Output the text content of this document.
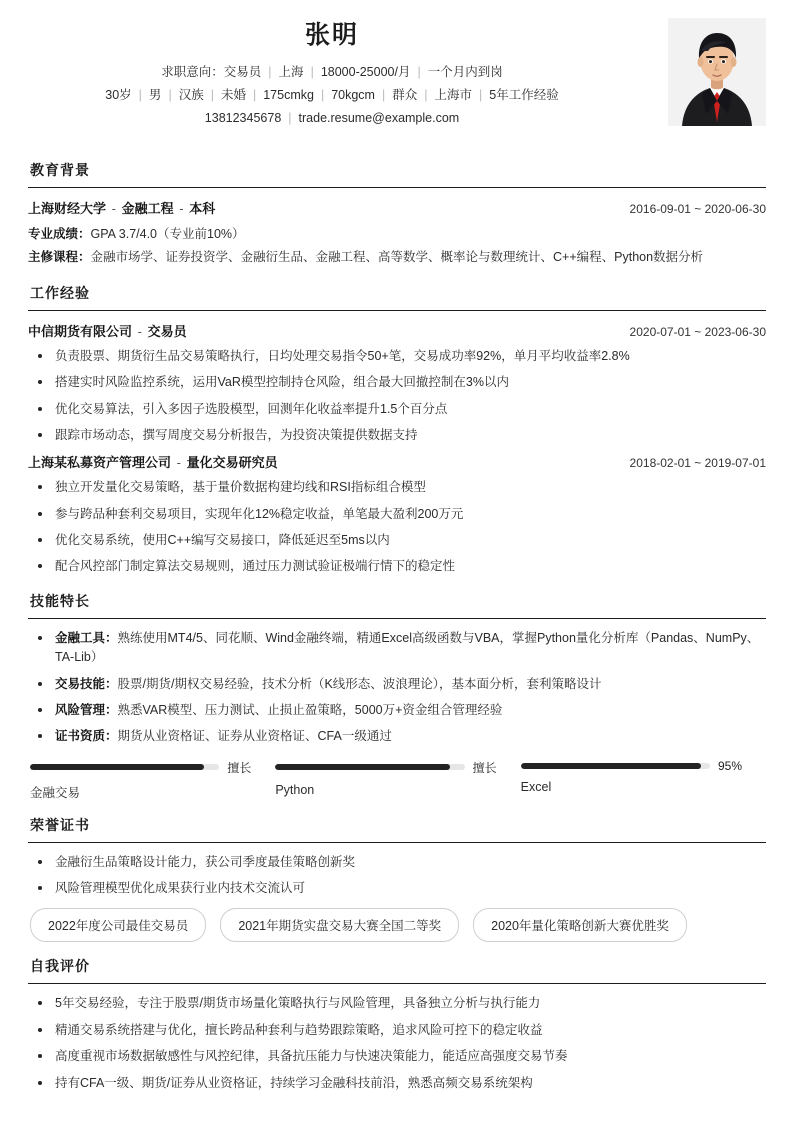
张明
求职意向：交易员 | 上海 | 18000-25000/月 | 一个月内到岗
30岁 | 男 | 汉族 | 未婚 | 175cmkg | 70kgcm | 群众 | 上海市 | 5年工作经验
13812345678 | trade.resume@example.com
教育背景
上海财经大学 - 金融工程 - 本科	2016-09-01 ~ 2020-06-30
专业成绩：GPA 3.7/4.0（专业前10%）
主修课程：金融市场学、证券投资学、金融衍生品、金融工程、高等数学、概率论与数理统计、C++编程、Python数据分析
工作经验
中信期货有限公司 - 交易员	2020-07-01 ~ 2023-06-30
负责股票、期货衍生品交易策略执行，日均处理交易指令50+笔，交易成功率92%，单月平均收益率2.8%
搭建实时风险监控系统，运用VaR模型控制持仓风险，组合最大回撤控制在3%以内
优化交易算法，引入多因子选股模型，回测年化收益率提升1.5个百分点
跟踪市场动态，撰写周度交易分析报告，为投资决策提供数据支持
上海某私募资产管理公司 - 量化交易研究员	2018-02-01 ~ 2019-07-01
独立开发量化交易策略，基于量价数据构建均线和RSI指标组合模型
参与跨品种套利交易项目，实现年化12%稳定收益，单笔最大盈利200万元
优化交易系统，使用C++编写交易接口，降低延迟至5ms以内
配合风控部门制定算法交易规则，通过压力测试验证极端行情下的稳定性
技能特长
金融工具：熟练使用MT4/5、同花顺、Wind金融终端，精通Excel高级函数与VBA，掌握Python量化分析库（Pandas、NumPy、TA-Lib）
交易技能：股票/期货/期权交易经验，技术分析（K线形态、波浪理论），基本面分析，套利策略设计
风险管理：熟悉VAR模型、压力测试、止损止盈策略，5000万+资金组合管理经验
证书资质：期货从业资格证、证券从业资格证、CFA一级通过
擅长
金融交易
擅长
Python
95%
Excel
荣誉证书
金融衍生品策略设计能力，获公司季度最佳策略创新奖
风险管理模型优化成果获行业内技术交流认可
2022年度公司最佳交易员	2021年期货实盘交易大赛全国二等奖	2020年量化策略创新大赛优胜奖
自我评价
5年交易经验，专注于股票/期货市场量化策略执行与风险管理，具备独立分析与执行能力
精通交易系统搭建与优化，擅长跨品种套利与趋势跟踪策略，追求风险可控下的稳定收益
高度重视市场数据敏感性与风控纪律，具备抗压能力与快速决策能力，能适应高强度交易节奏
持有CFA一级、期货/证券从业资格证，持续学习金融科技前沿，熟悉高频交易系统架构
